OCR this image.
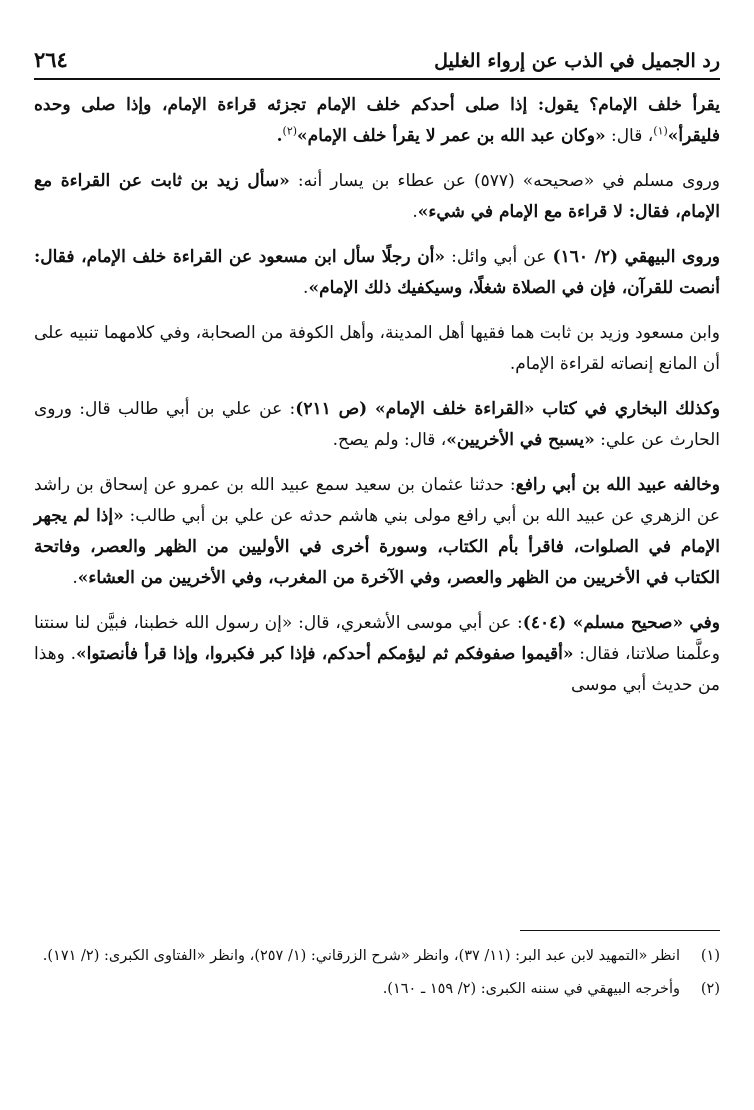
٢٦٤	رد الجميل في الذب عن إرواء الغليل

يقرأ خلف الإمام؟ يقول: إذا صلى أحدكم خلف الإمام تجزئه قراءة الإمام، وإذا صلى وحده فليقرأ»$^{(١)}$، قال: «وكان عبد الله بن عمر لا يقرأ خلف الإمام»$^{(٢)}$.

وروى مسلم في «صحيحه» (٥٧٧) عن عطاء بن يسار أنه: «سأل زيد بن ثابت عن القراءة مع الإمام، فقال: لا قراءة مع الإمام في شيء».

وروى البيهقي (٢/ ١٦٠) عن أبي وائل: «أن رجلًا سأل ابن مسعود عن القراءة خلف الإمام، فقال: أنصت للقرآن، فإن في الصلاة شغلًا، وسيكفيك ذلك الإمام».

وابن مسعود وزيد بن ثابت هما فقيها أهل المدينة، وأهل الكوفة من الصحابة، وفي كلامهما تنبيه على أن المانع إنصاته لقراءة الإمام.

وكذلك البخاري في كتاب «القراءة خلف الإمام» (ص ٢١١): عن علي بن أبي طالب قال: وروى الحارث عن علي: «يسبح في الأخريين»، قال: ولم يصح.

وخالفه عبيد الله بن أبي رافع: حدثنا عثمان بن سعيد سمع عبيد الله بن عمرو عن إسحاق بن راشد عن الزهري عن عبيد الله بن أبي رافع مولى بني هاشم حدثه عن علي بن أبي طالب: «إذا لم يجهر الإمام في الصلوات، فاقرأ بأم الكتاب، وسورة أخرى في الأوليين من الظهر والعصر، وفاتحة الكتاب في الأخريين من الظهر والعصر، وفي الآخرة من المغرب، وفي الأخريين من العشاء».

وفي «صحيح مسلم» (٤٠٤): عن أبي موسى الأشعري، قال: «إن رسول الله خطبنا، فبيَّن لنا سنتنا وعلَّمنا صلاتنا، فقال: «أقيموا صفوفكم ثم ليؤمكم أحدكم، فإذا كبر فكبروا، وإذا قرأ فأنصتوا». وهذا من حديث أبي موسى

(١)
انظر «التمهيد لابن عبد البر: (١١/ ٣٧)، وانظر «شرح الزرقاني: (١/ ٢٥٧)، وانظر «الفتاوى الكبرى: (٢/ ١٧١).
(٢)
وأخرجه البيهقي في سننه الكبرى: (٢/ ١٥٩ ـ ١٦٠).
